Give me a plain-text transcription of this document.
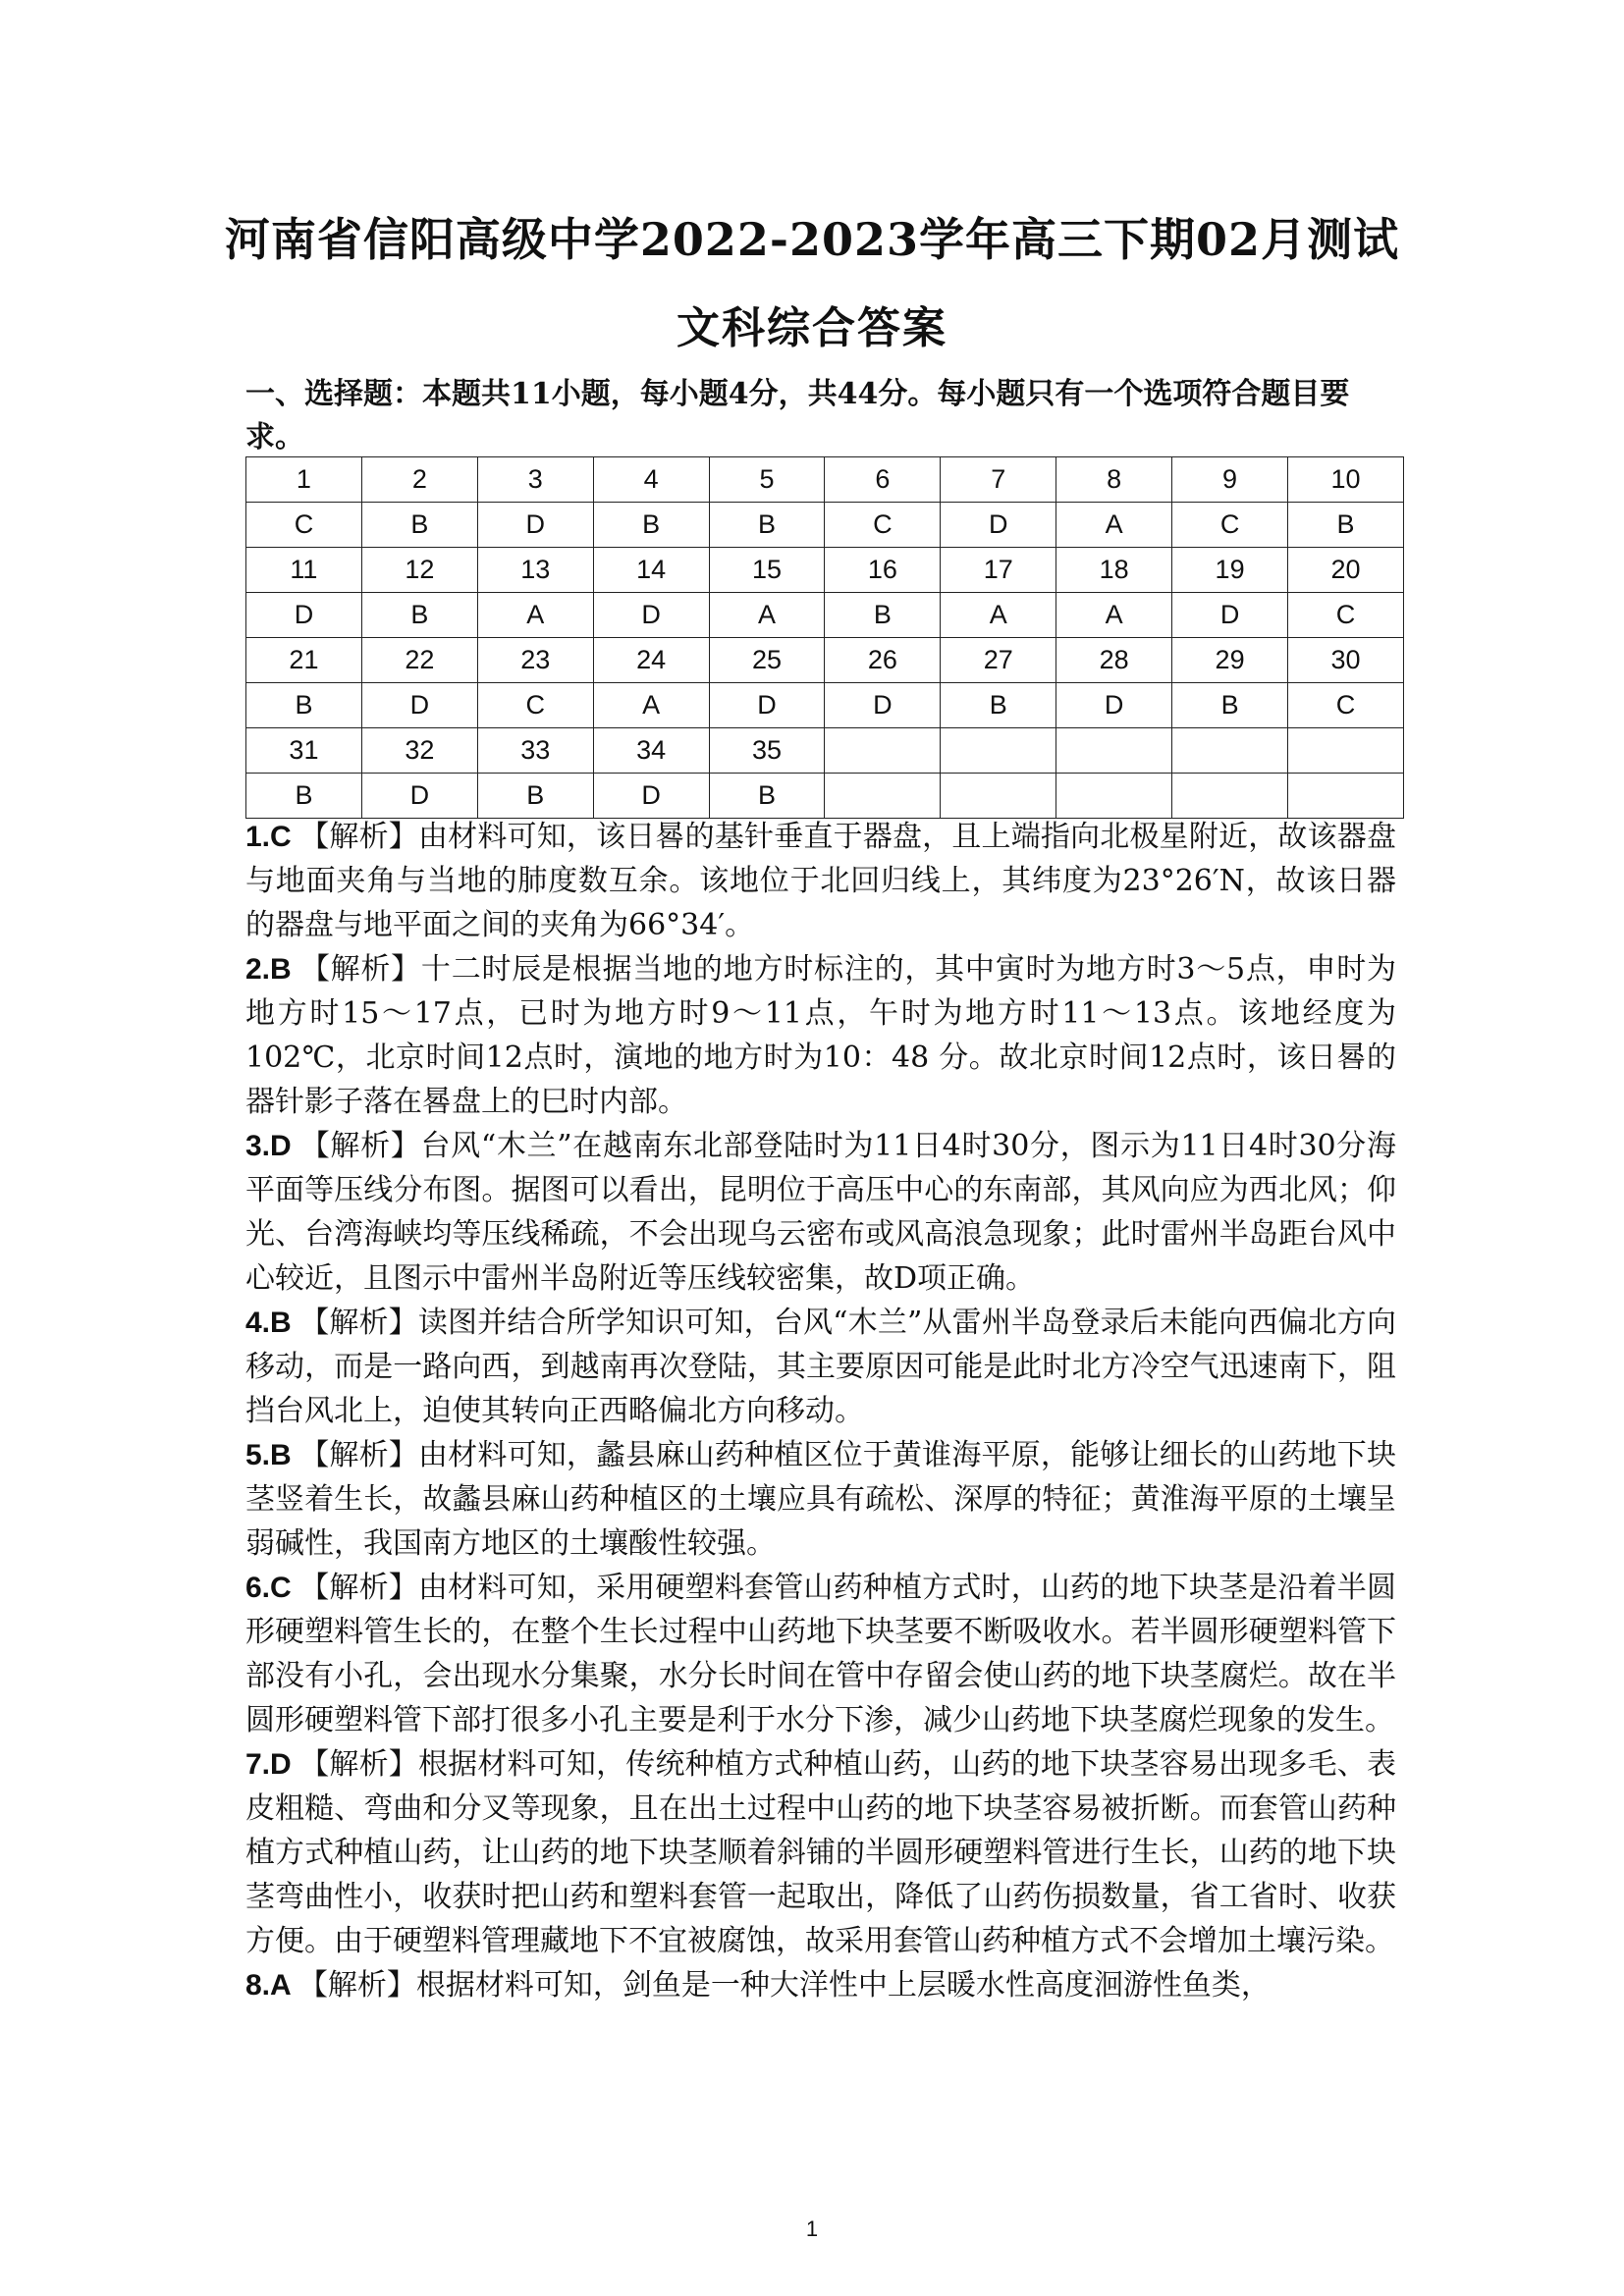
河南省信阳高级中学2022-2023学年高三下期02月测试
文科综合答案

一、选择题：本题共11小题，每小题4分，共44分。每小题只有一个选项符合题目要求。

1	2	3	4	5	6	7	8	9	10
C	B	D	B	B	C	D	A	C	B
11	12	13	14	15	16	17	18	19	20
D	B	A	D	A	B	A	A	D	C
21	22	23	24	25	26	27	28	29	30
B	D	C	A	D	D	B	D	B	C
31	32	33	34	35					
B	D	B	D	B					

1.C 【解析】由材料可知，该日晷的基针垂直于器盘，且上端指向北极星附近，故该器盘与地面夹角与当地的肺度数互余。该地位于北回归线上，其纬度为23°26′N，故该日器的器盘与地平面之间的夹角为66°34′。

2.B 【解析】十二时辰是根据当地的地方时标注的，其中寅时为地方时3～5点，申时为地方时15～17点，已时为地方时9～11点，午时为地方时11～13点。该地经度为102℃，北京时间12点时，演地的地方时为10：48 分。故北京时间12点时，该日晷的器针影子落在晷盘上的巳时内部。

3.D 【解析】台风“木兰”在越南东北部登陆时为11日4时30分，图示为11日4时30分海平面等压线分布图。据图可以看出，昆明位于高压中心的东南部，其风向应为西北风；仰光、台湾海峡均等压线稀疏，不会出现乌云密布或风高浪急现象；此时雷州半岛距台风中心较近，且图示中雷州半岛附近等压线较密集，故D项正确。

4.B 【解析】读图并结合所学知识可知，台风“木兰”从雷州半岛登录后未能向西偏北方向移动，而是一路向西，到越南再次登陆，其主要原因可能是此时北方冷空气迅速南下，阻挡台风北上，迫使其转向正西略偏北方向移动。

5.B 【解析】由材料可知，蠡县麻山药种植区位于黄谁海平原，能够让细长的山药地下块茎竖着生长，故蠡县麻山药种植区的土壤应具有疏松、深厚的特征；黄淮海平原的土壤呈弱碱性，我国南方地区的土壤酸性较强。

6.C 【解析】由材料可知，采用硬塑料套管山药种植方式时，山药的地下块茎是沿着半圆形硬塑料管生长的，在整个生长过程中山药地下块茎要不断吸收水。若半圆形硬塑料管下部没有小孔，会出现水分集聚，水分长时间在管中存留会使山药的地下块茎腐烂。故在半圆形硬塑料管下部打很多小孔主要是利于水分下渗，减少山药地下块茎腐烂现象的发生。

7.D 【解析】根据材料可知，传统种植方式种植山药，山药的地下块茎容易出现多毛、表皮粗糙、弯曲和分叉等现象，且在出土过程中山药的地下块茎容易被折断。而套管山药种植方式种植山药，让山药的地下块茎顺着斜铺的半圆形硬塑料管进行生长，山药的地下块茎弯曲性小，收获时把山药和塑料套管一起取出，降低了山药伤损数量，省工省时、收获方便。由于硬塑料管理藏地下不宜被腐蚀，故采用套管山药种植方式不会增加土壤污染。

8.A 【解析】根据材料可知，剑鱼是一种大洋性中上层暖水性高度洄游性鱼类，

1
